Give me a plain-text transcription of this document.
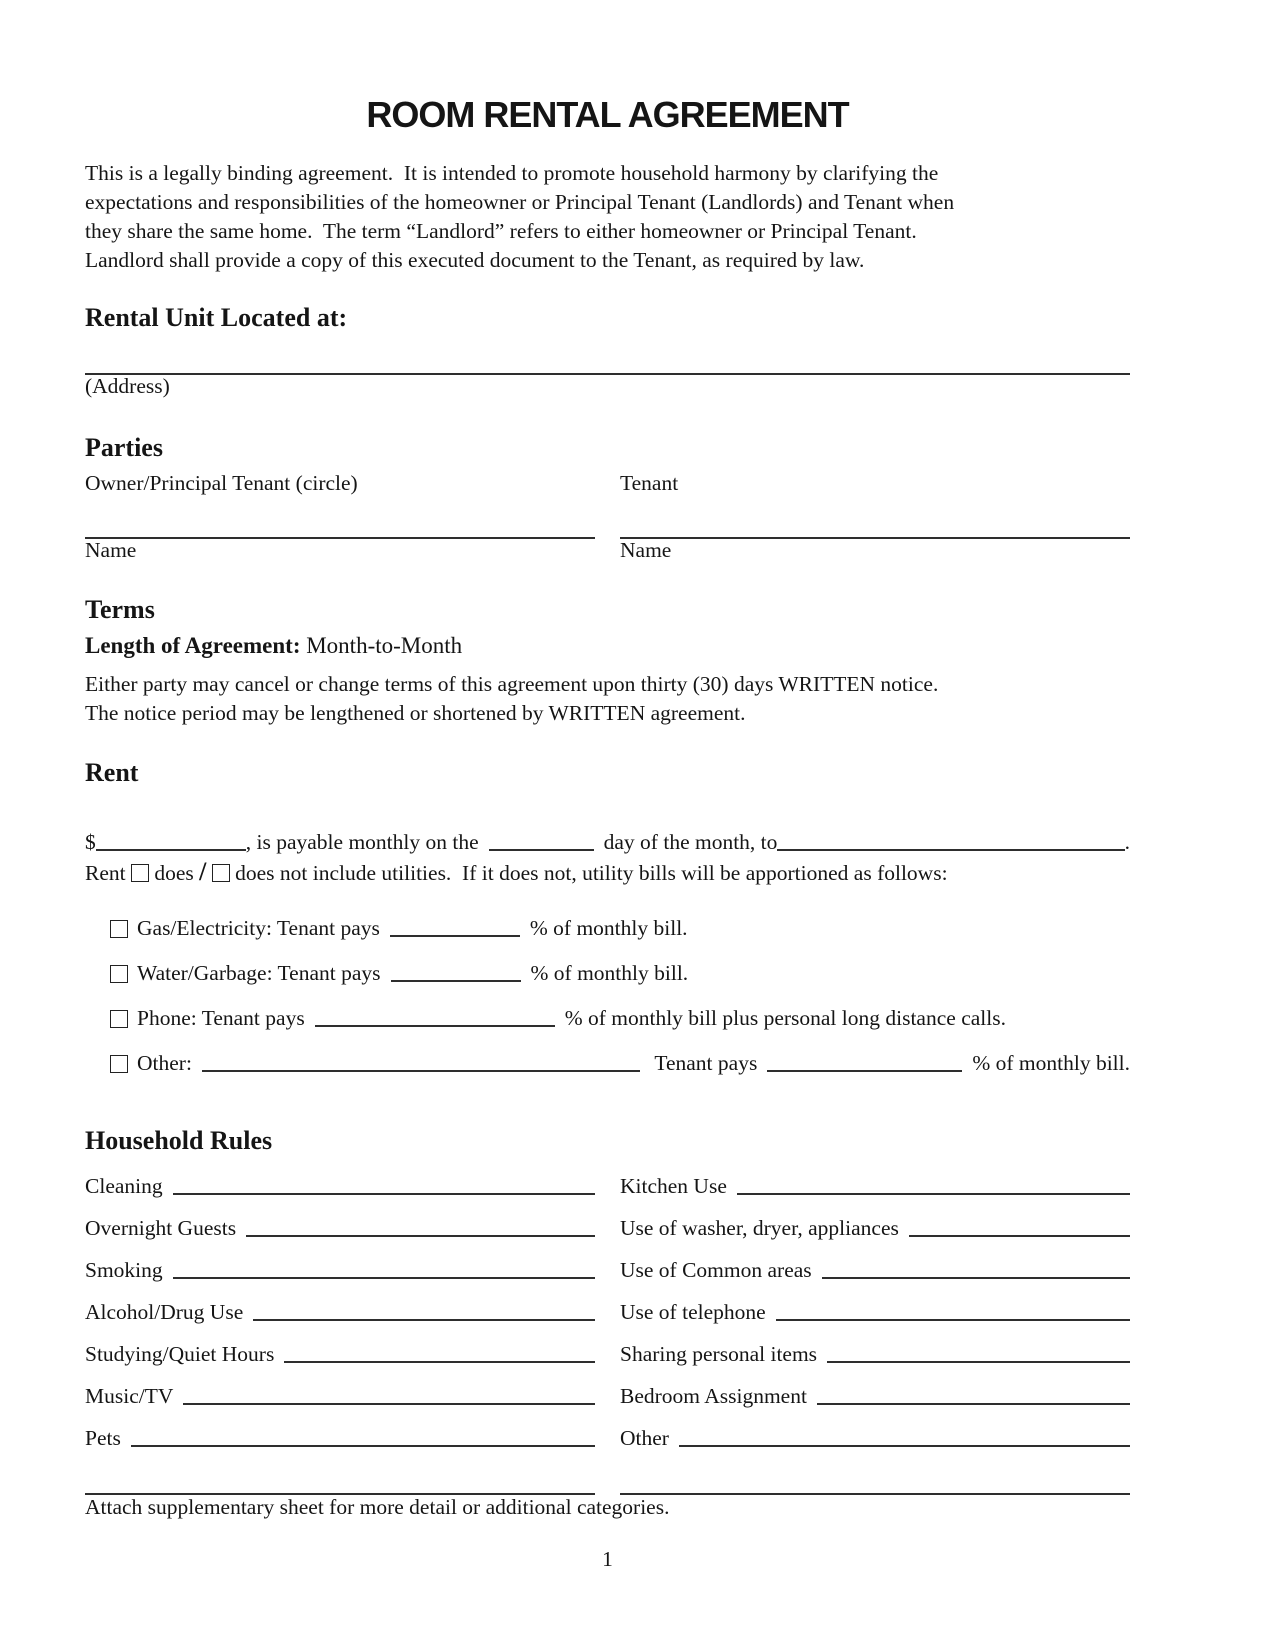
ROOM RENTAL AGREEMENT
This is a legally binding agreement.  It is intended to promote household harmony by clarifying the
expectations and responsibilities of the homeowner or Principal Tenant (Landlords) and Tenant when
they share the same home.  The term “Landlord” refers to either homeowner or Principal Tenant.
Landlord shall provide a copy of this executed document to the Tenant, as required by law.
Rental Unit Located at:
(Address)
Parties
Owner/Principal Tenant (circle)	Tenant
Name	Name
Terms
Length of Agreement: Month-to-Month
Either party may cancel or change terms of this agreement upon thirty (30) days WRITTEN notice.
The notice period may be lengthened or shortened by WRITTEN agreement.
Rent
$	, is payable monthly on the	day of the month, to	.
Rent does / does not include utilities.  If it does not, utility bills will be apportioned as follows:
Gas/Electricity: Tenant pays	% of monthly bill.
Water/Garbage: Tenant pays	% of monthly bill.
Phone: Tenant pays	% of monthly bill plus personal long distance calls.
Other:	Tenant pays	% of monthly bill.
Household Rules
Cleaning	Kitchen Use
Overnight Guests	Use of washer, dryer, appliances
Smoking	Use of Common areas
Alcohol/Drug Use	Use of telephone
Studying/Quiet Hours	Sharing personal items
Music/TV	Bedroom Assignment
Pets	Other
Attach supplementary sheet for more detail or additional categories.
1
